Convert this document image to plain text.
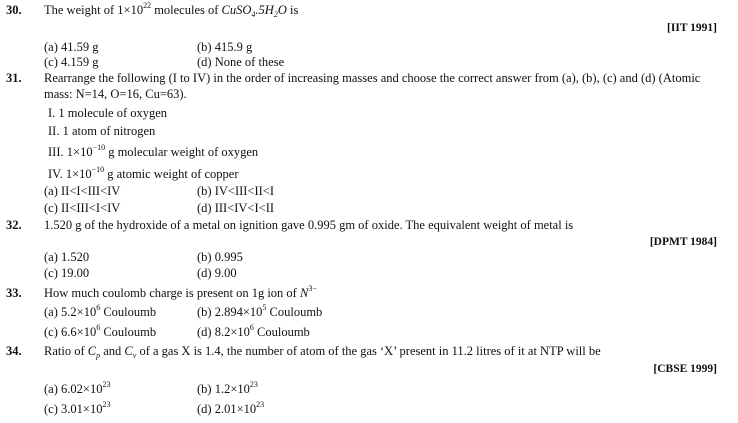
30. The weight of $1\times 10^{22}$ molecules of $CuSO_4.5H_2O$ is
[IIT 1991]
(a) 41.59 g	(b) 415.9 g
(c) 4.159 g	(d) None of these
31. Rearrange the following (I to IV) in the order of increasing masses and choose the correct answer from (a), (b), (c) and (d) (Atomic
mass: N=14, O=16, Cu=63).
I. 1 molecule of oxygen
II. 1 atom of nitrogen
III. $1\times 10^{-10}$ g molecular weight of oxygen
IV. $1\times 10^{-10}$ g atomic weight of copper
(a) II<I<III<IV	(b) IV<III<II<I
(c) II<III<I<IV	(d) III<IV<I<II
32. 1.520 g of the hydroxide of a metal on ignition gave 0.995 gm of oxide. The equivalent weight of metal is
[DPMT 1984]
(a) 1.520	(b) 0.995
(c) 19.00	(d) 9.00
33. How much coulomb charge is present on 1g ion of $N^{3-}$
(a) $5.2\times 10^6$ Couloumb	(b) $2.894\times 10^5$ Couloumb
(c) $6.6\times 10^6$ Couloumb	(d) $8.2\times 10^6$ Couloumb
34. Ratio of $C_p$ and $C_v$ of a gas X is 1.4, the number of atom of the gas ‘X’ present in 11.2 litres of it at NTP will be
[CBSE 1999]
(a) $6.02\times 10^{23}$	(b) $1.2\times 10^{23}$
(c) $3.01\times 10^{23}$	(d) $2.01\times 10^{23}$
